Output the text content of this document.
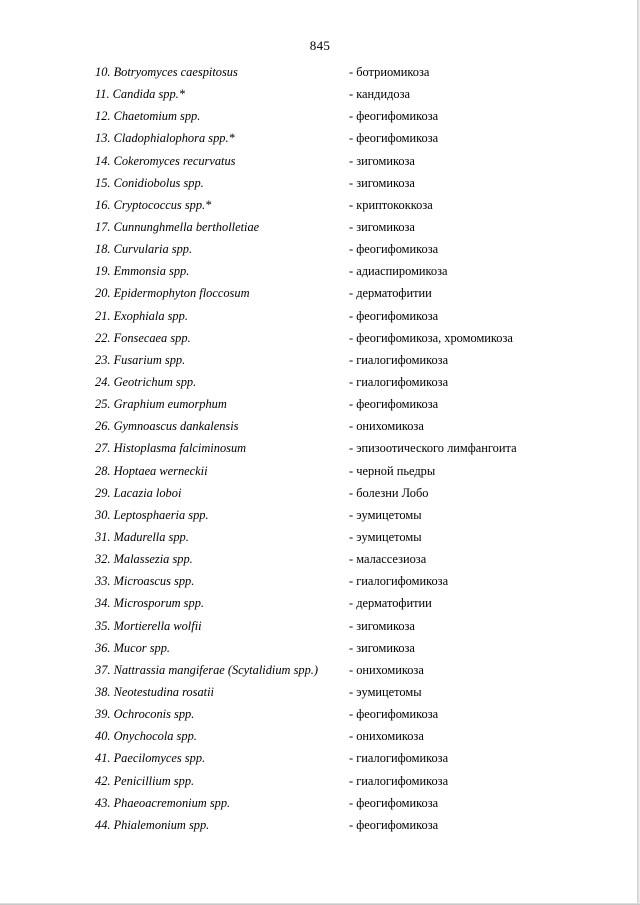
845
10. Botryomyces caespitosus	- ботриомикоза
11. Candida spp.*	- кандидоза
12. Chaetomium spp.	- феогифомикоза
13. Cladophialophora spp.*	- феогифомикоза
14. Cokeromyces recurvatus	- зигомикоза
15. Conidiobolus spp.	- зигомикоза
16. Cryptococcus spp.*	- криптококкоза
17. Cunnunghmella bertholletiae	- зигомикоза
18. Curvularia spp.	- феогифомикоза
19. Emmonsia spp.	- адиаспиромикоза
20. Epidermophyton floccosum	- дерматофитии
21. Exophiala spp.	- феогифомикоза
22. Fonsecaea spp.	- феогифомикоза, хромомикоза
23. Fusarium spp.	- гиалогифомикоза
24. Geotrichum spp.	- гиалогифомикоза
25. Graphium eumorphum	- феогифомикоза
26. Gymnoascus dankalensis	- онихомикоза
27. Histoplasma falciminosum	- эпизоотического лимфангоита
28. Hoptaea werneckii	- черной пьедры
29. Lacazia loboi	- болезни Лобо
30. Leptosphaeria spp.	- эумицетомы
31. Madurella spp.	- эумицетомы
32. Malassezia spp.	- малассезиоза
33. Microascus spp.	- гиалогифомикоза
34. Microsporum spp.	- дерматофитии
35. Mortierella wolfii	- зигомикоза
36. Mucor spp.	- зигомикоза
37. Nattrassia mangiferae (Scytalidium spp.) - онихомикоза
38. Neotestudina rosatii	- эумицетомы
39. Ochroconis spp.	- феогифомикоза
40. Onychocola spp.	- онихомикоза
41. Paecilomyces spp.	- гиалогифомикоза
42. Penicillium spp.	- гиалогифомикоза
43. Phaeoacremonium spp.	- феогифомикоза
44. Phialemonium spp.	- феогифомикоза
